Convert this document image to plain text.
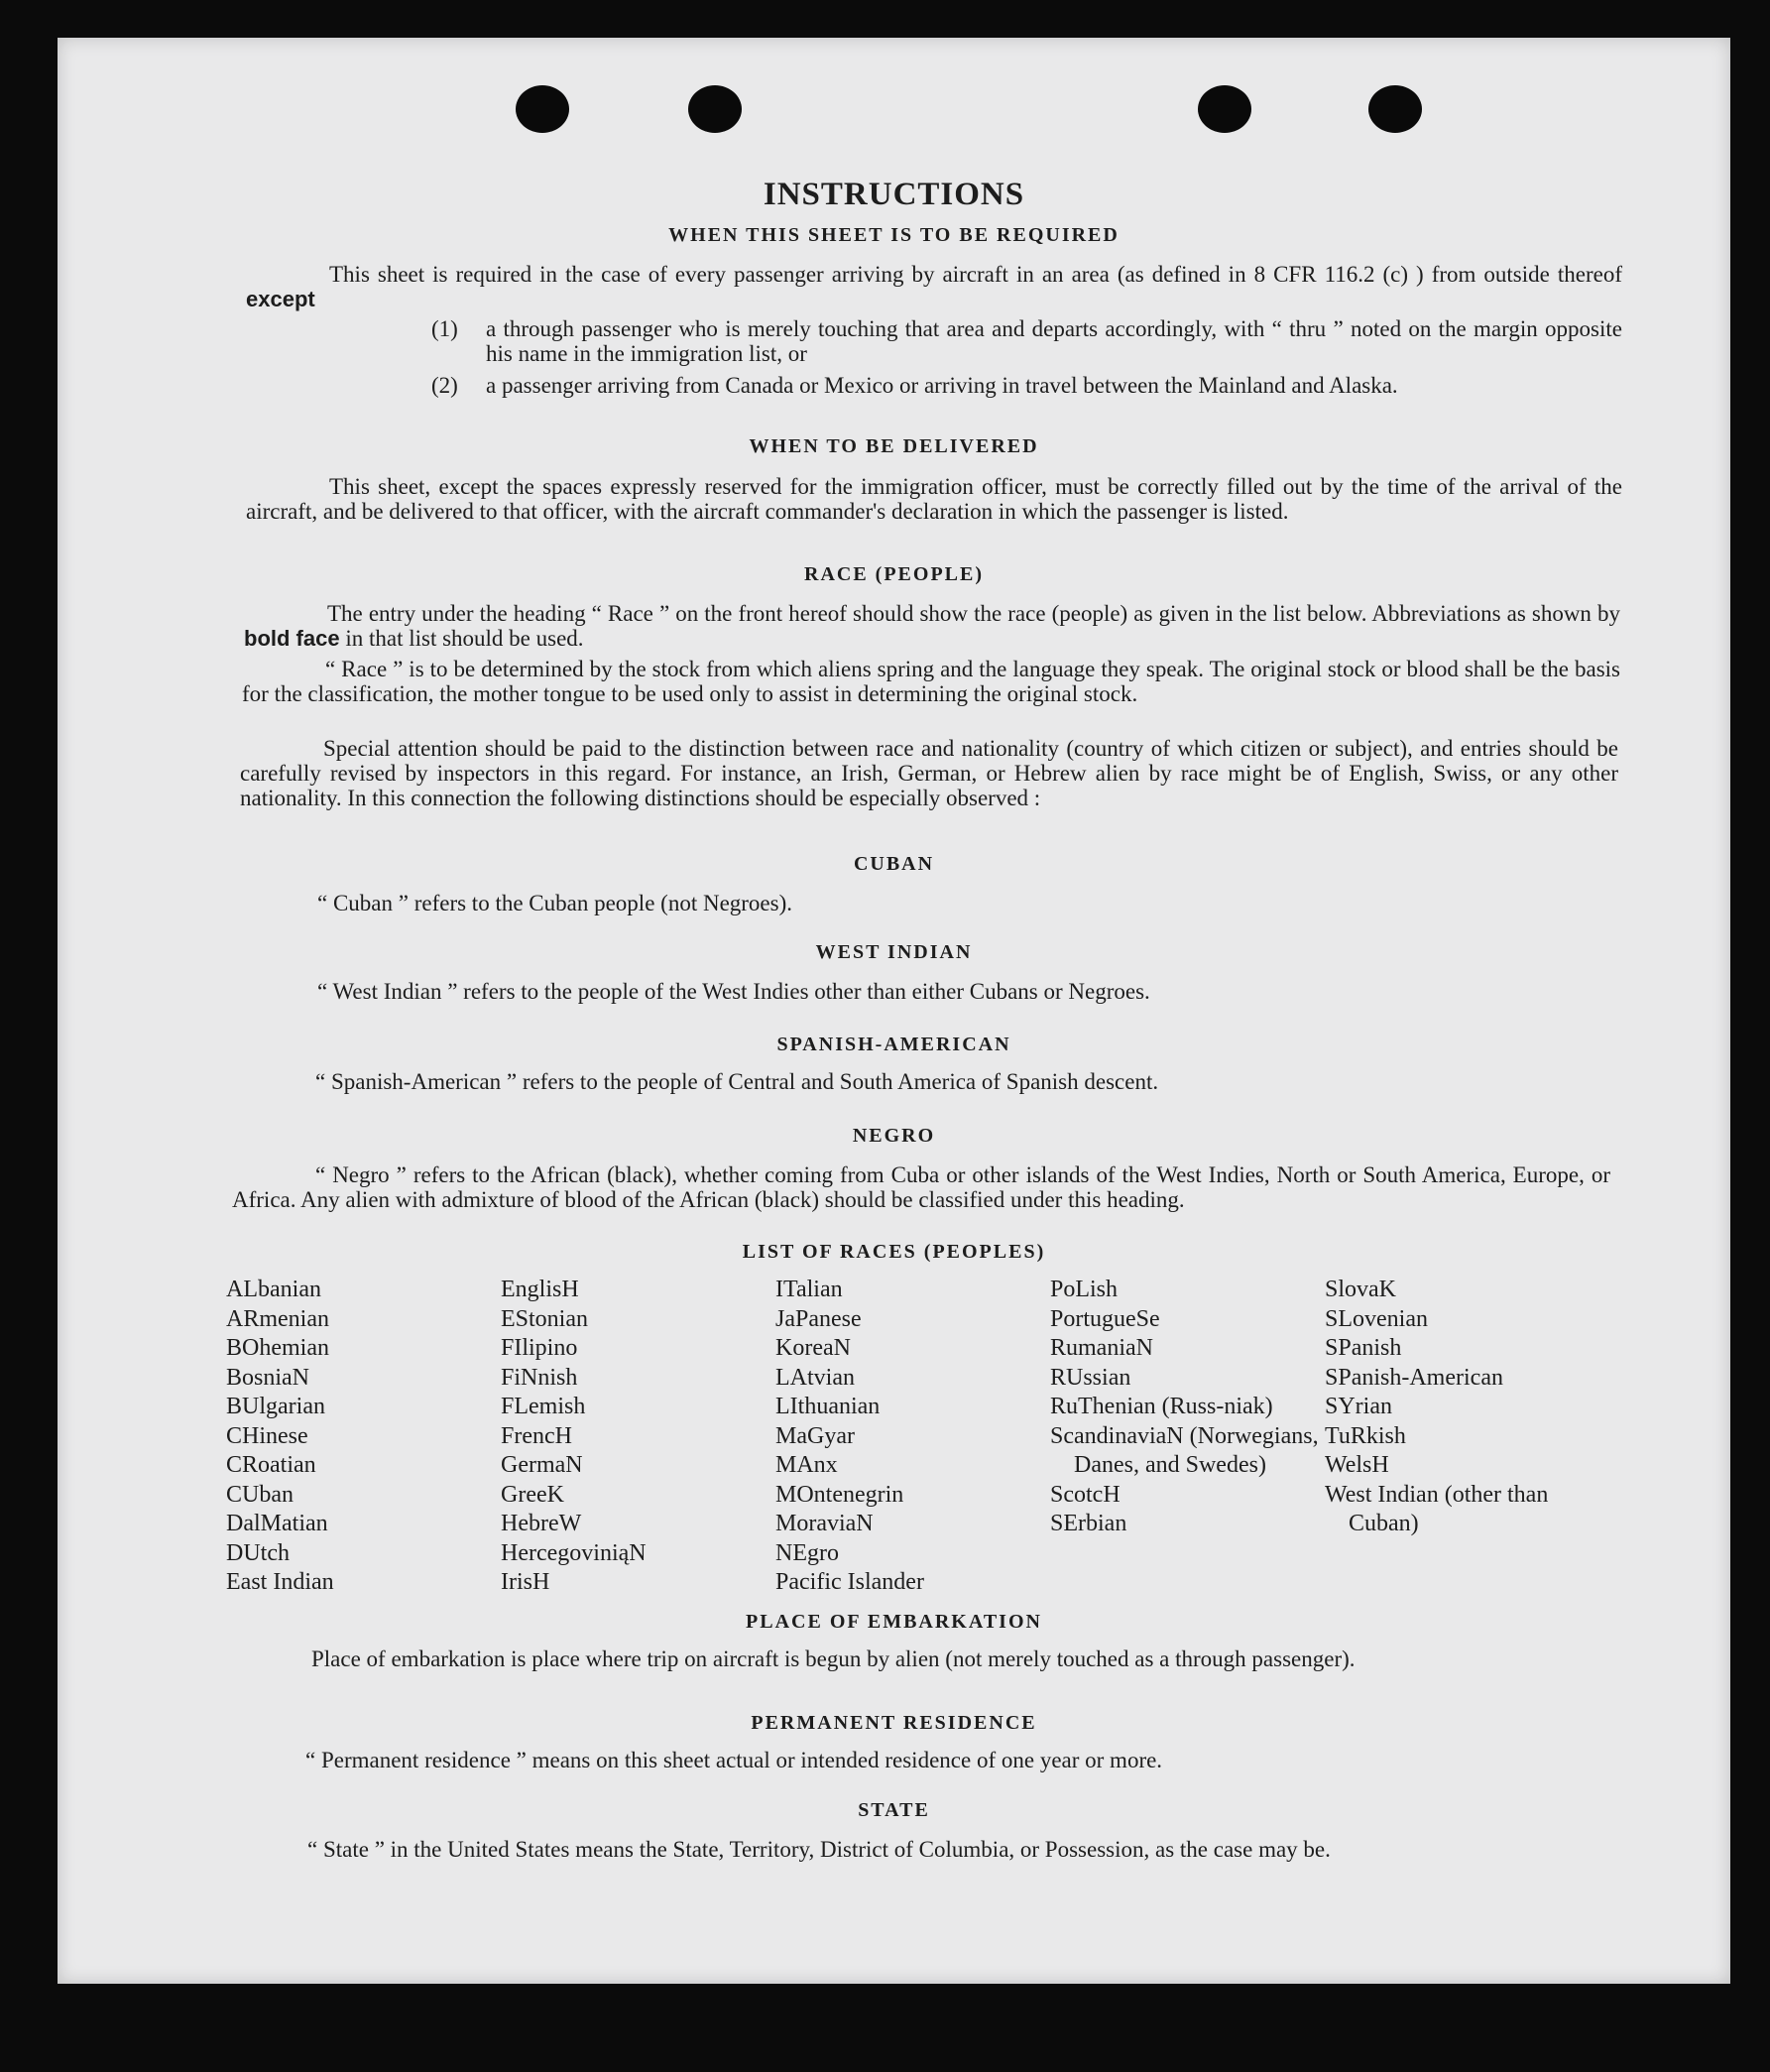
INSTRUCTIONS
WHEN THIS SHEET IS TO BE REQUIRED
This sheet is required in the case of every passenger arriving by aircraft in an area (as defined in 8 CFR 116.2 (c) ) from outside thereof except
(1) a through passenger who is merely touching that area and departs accordingly, with “ thru ” noted on the margin opposite his name in the immigration list, or
(2) a passenger arriving from Canada or Mexico or arriving in travel between the Mainland and Alaska.
WHEN TO BE DELIVERED
This sheet, except the spaces expressly reserved for the immigration officer, must be correctly filled out by the time of the arrival of the aircraft, and be delivered to that officer, with the aircraft commander's declaration in which the passenger is listed.
RACE (PEOPLE)
The entry under the heading “ Race ” on the front hereof should show the race (people) as given in the list below. Abbreviations as shown by bold face in that list should be used.
“ Race ” is to be determined by the stock from which aliens spring and the language they speak. The original stock or blood shall be the basis for the classification, the mother tongue to be used only to assist in determining the original stock.
Special attention should be paid to the distinction between race and nationality (country of which citizen or subject), and entries should be carefully revised by inspectors in this regard. For instance, an Irish, German, or Hebrew alien by race might be of English, Swiss, or any other nationality. In this connection the following distinctions should be especially observed :
CUBAN
“ Cuban ” refers to the Cuban people (not Negroes).
WEST INDIAN
“ West Indian ” refers to the people of the West Indies other than either Cubans or Negroes.
SPANISH-AMERICAN
“ Spanish-American ” refers to the people of Central and South America of Spanish descent.
NEGRO
“ Negro ” refers to the African (black), whether coming from Cuba or other islands of the West Indies, North or South America, Europe, or Africa. Any alien with admixture of blood of the African (black) should be classified under this heading.
LIST OF RACES (PEOPLES)
ALbanian
ARmenian
BOhemian
BosniaN
BUlgarian
CHinese
CRoatian
CUban
DalMatian
DUtch
East Indian
EnglisH
EStonian
FIlipino
FiNnish
FLemish
FrencH
GermaN
GreeK
HebreW
HercegoviniąN
IrisH
ITalian
JaPanese
KoreaN
LAtvian
LIthuanian
MaGyar
MAnx
MOntenegrin
MoraviaN
NEgro
Pacific Islander
PoLish
PortugueSe
RumaniaN
RUssian
RuThenian (Russ-niak)
ScandinaviaN (Norwegians, Danes, and Swedes)
ScotcH
SErbian
SlovaK
SLovenian
SPanish
SPanish-American
SYrian
TuRkish
WelsH
West Indian (other than Cuban)
PLACE OF EMBARKATION
Place of embarkation is place where trip on aircraft is begun by alien (not merely touched as a through passenger).
PERMANENT RESIDENCE
“ Permanent residence ” means on this sheet actual or intended residence of one year or more.
STATE
“ State ” in the United States means the State, Territory, District of Columbia, or Possession, as the case may be.
